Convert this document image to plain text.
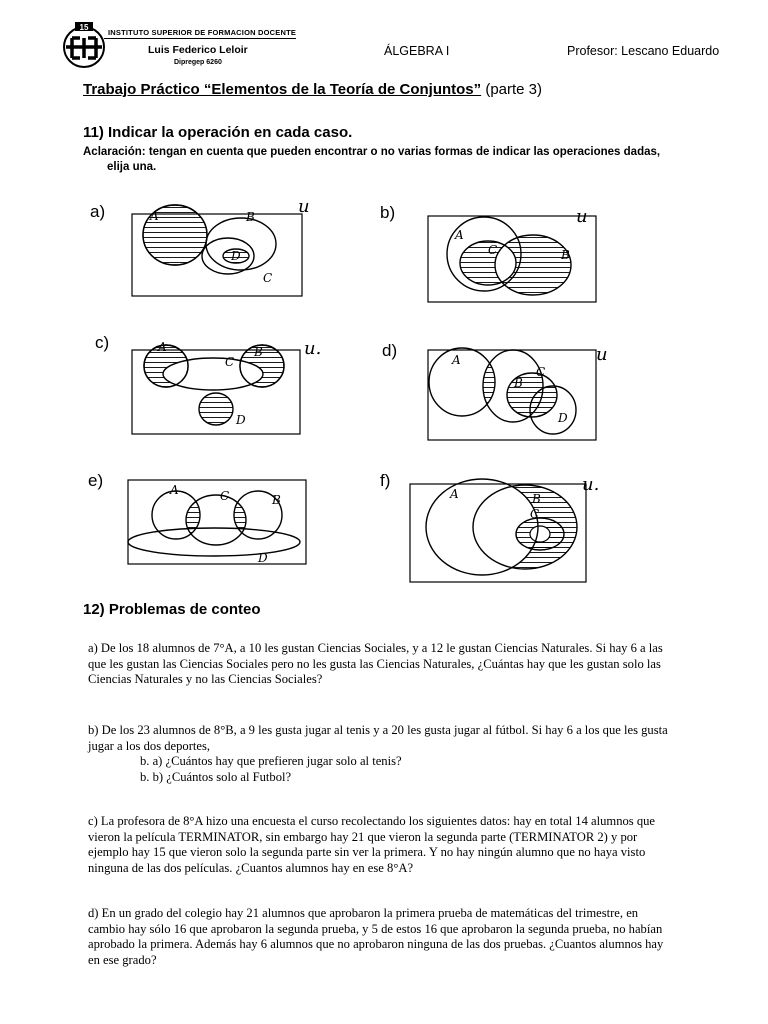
15
INSTITUTO SUPERIOR DE FORMACION DOCENTE
Luis Federico Leloir
Dipregep 6260
ÁLGEBRA I	Profesor: Lescano Eduardo
Trabajo Práctico “Elementos de la Teoría de Conjuntos” (parte 3)
11) Indicar la operación en cada caso.
Aclaración: tengan en cuenta que pueden encontrar o no varias formas de indicar las operaciones dadas,
elija una.
a)	u
A	B
D
C
b)	u
A
C	B
c)	u.
A
C
B
D
d)	u
A
B
C
D
e)	A	C	B
D
f)	u.
A	B
C
12) Problemas de conteo
a) De los 18 alumnos de 7°A, a 10 les gustan Ciencias Sociales, y a 12 le gustan Ciencias Naturales. Si hay 6 a las que les gustan las Ciencias Sociales pero no les gusta las Ciencias Naturales, ¿Cuántas hay que les gustan solo las Ciencias Naturales y no las Ciencias Sociales?
b) De los 23 alumnos de 8°B, a 9 les gusta jugar al tenis y a 20 les gusta jugar al fútbol. Si hay 6 a los que les gusta jugar a los dos deportes,
b. a) ¿Cuántos hay que prefieren jugar solo al tenis?
b. b) ¿Cuántos solo al Futbol?
c) La profesora de 8°A hizo una encuesta el curso recolectando los siguientes datos: hay en total 14 alumnos que vieron la película TERMINATOR, sin embargo hay 21 que vieron la segunda parte (TERMINATOR 2) y por ejemplo hay 15 que vieron solo la segunda parte sin ver la primera. Y no hay ningún alumno que no haya visto ninguna de las dos películas. ¿Cuantos alumnos hay en ese 8°A?
d) En un grado del colegio hay 21 alumnos que aprobaron la primera prueba de matemáticas del trimestre, en cambio hay sólo 16 que aprobaron la segunda prueba, y 5 de estos 16 que aprobaron la segunda prueba, no habían aprobado la primera. Además hay 6 alumnos que no aprobaron ninguna de las dos pruebas. ¿Cuantos alumnos hay en ese grado?
